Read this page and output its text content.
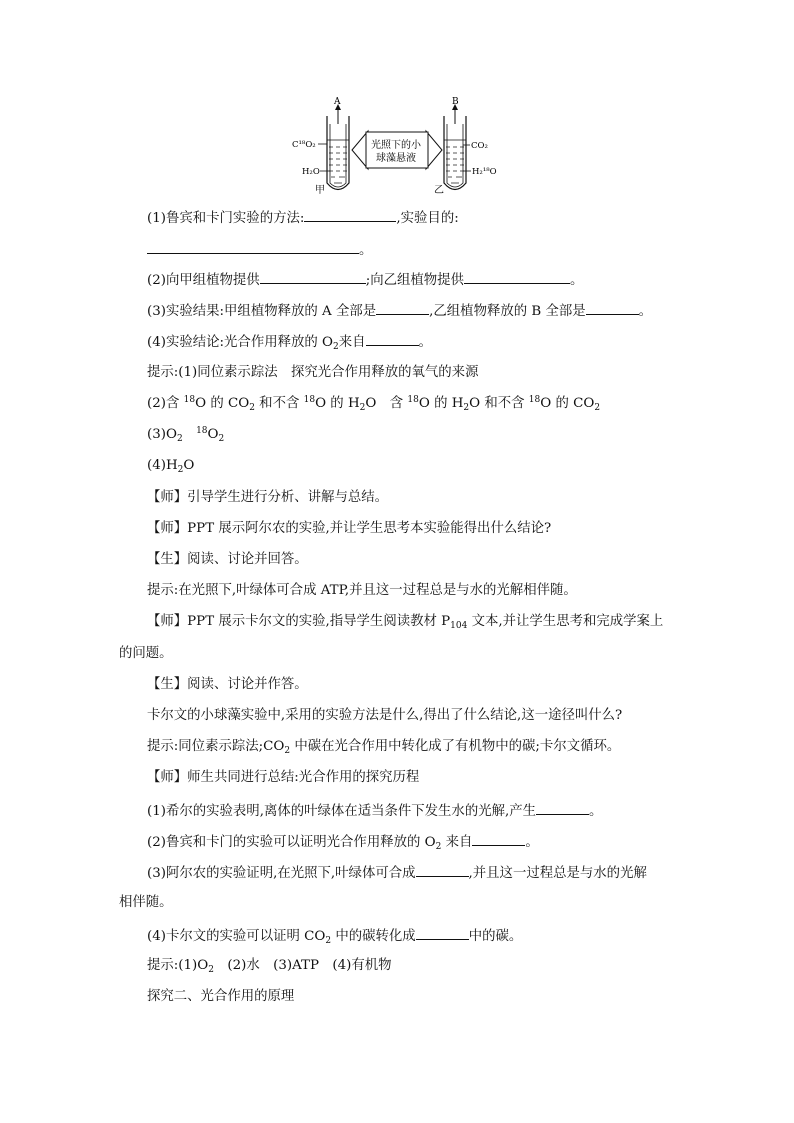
A	B
C¹⁸O₂
H₂O
CO₂
H₂¹⁸O
甲	乙
光照下的小
球藻悬液
(1)鲁宾和卡门实验的方法:	,实验目的:
。
(2)向甲组植物提供	;向乙组植物提供	。
(3)实验结果:甲组植物释放的 A 全部是	,乙组植物释放的 B 全部是	。
(4)实验结论:光合作用释放的 $O_2$来自	。
提示:(1)同位素示踪法　探究光合作用释放的氧气的来源
(2)含 $^{18}$O 的 $CO_2$ 和不含 $^{18}$O 的 $H_2O$　含 $^{18}$O 的 $H_2O$ 和不含 $^{18}$O 的 $CO_2$
$(3)O_2$　$^{18}O_2$
$(4)H_2O$
【师】引导学生进行分析、讲解与总结。
【师】PPT 展示阿尔农的实验,并让学生思考本实验能得出什么结论?
【生】阅读、讨论并回答。
提示:在光照下,叶绿体可合成 ATP,并且这一过程总是与水的光解相伴随。
【师】PPT 展示卡尔文的实验,指导学生阅读教材 $P_{104}$ 文本,并让学生思考和完成学案上
的问题。
【生】阅读、讨论并作答。
卡尔文的小球藻实验中,采用的实验方法是什么,得出了什么结论,这一途径叫什么?
提示:同位素示踪法$;CO_2$ 中碳在光合作用中转化成了有机物中的碳;卡尔文循环。
【师】师生共同进行总结:光合作用的探究历程
(1)希尔的实验表明,离体的叶绿体在适当条件下发生水的光解,产生	。
(2)鲁宾和卡门的实验可以证明光合作用释放的 $O_2$ 来自	。
(3)阿尔农的实验证明,在光照下,叶绿体可合成	,并且这一过程总是与水的光解
相伴随。
(4)卡尔文的实验可以证明 $CO_2$ 中的碳转化成	中的碳。
提示$:(1)O_2$　(2)水　(3)ATP　(4)有机物
探究二、光合作用的原理
